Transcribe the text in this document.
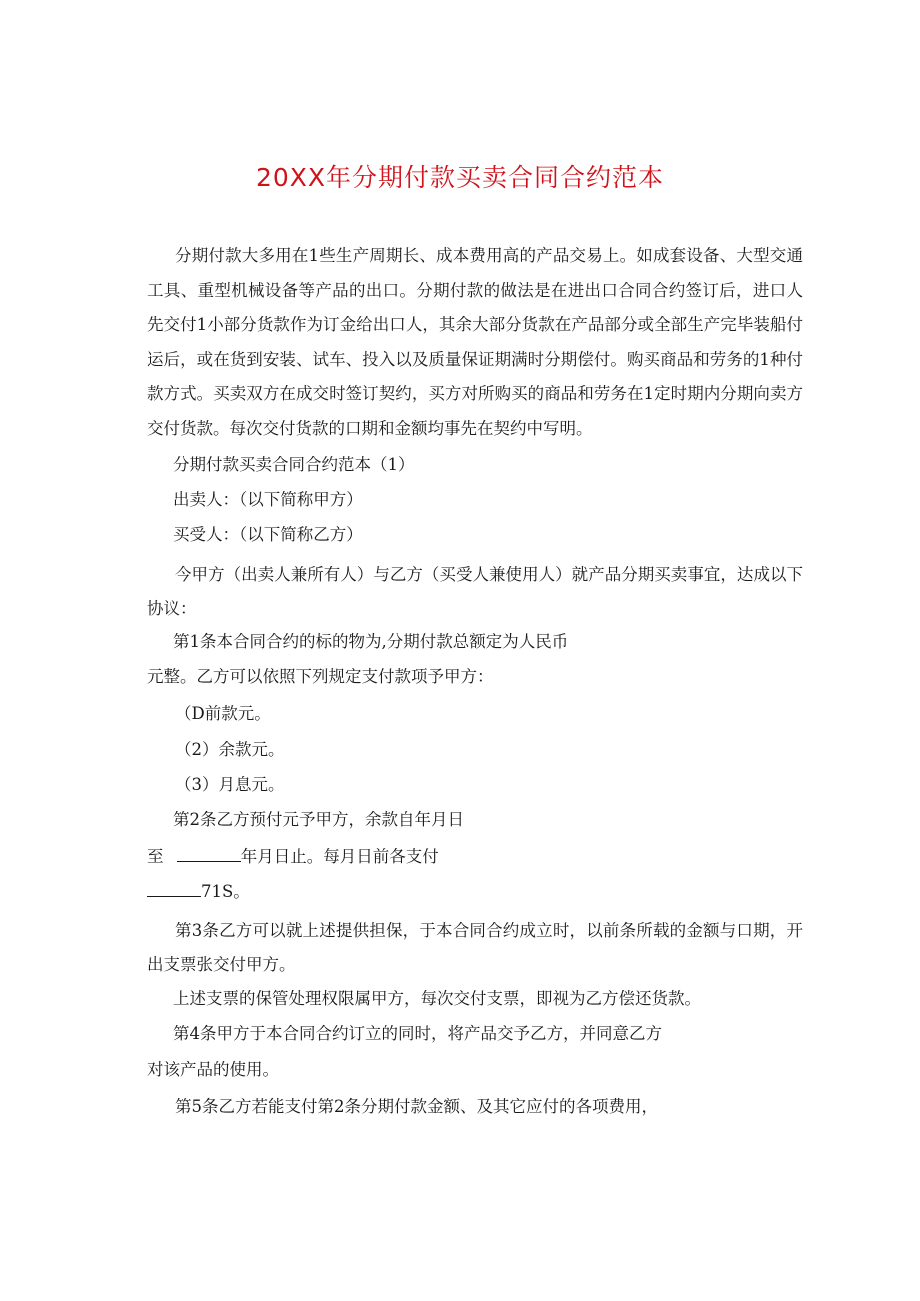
20XX年分期付款买卖合同合约范本
分期付款大多用在1些生产周期长、成本费用高的产品交易上。如成套设备、大型交通工具、重型机械设备等产品的出口。分期付款的做法是在进出口合同合约签订后，进口人先交付1小部分货款作为订金给出口人，其余大部分货款在产品部分或全部生产完毕装船付运后，或在货到安装、试车、投入以及质量保证期满时分期偿付。购买商品和劳务的1种付款方式。买卖双方在成交时签订契约，买方对所购买的商品和劳务在1定时期内分期向卖方交付货款。每次交付货款的口期和金额均事先在契约中写明。
分期付款买卖合同合约范本（1）
出卖人：（以下简称甲方）
买受人：（以下简称乙方）
今甲方（出卖人兼所有人）与乙方（买受人兼使用人）就产品分期买卖事宜，达成以下协议：
第1条本合同合约的标的物为,分期付款总额定为人民币
元整。乙方可以依照下列规定支付款项予甲方：
（D前款元。
（2）余款元。
（3）月息元。
第2条乙方预付元予甲方，余款自年月日
至	年月日止。每月日前各支付
71S。
第3条乙方可以就上述提供担保，于本合同合约成立时，以前条所载的金额与口期，开出支票张交付甲方。
上述支票的保管处理权限属甲方，每次交付支票，即视为乙方偿还货款。
第4条甲方于本合同合约订立的同时，将产品交予乙方，并同意乙方
对该产品的使用。
第5条乙方若能支付第2条分期付款金额、及其它应付的各项费用，
